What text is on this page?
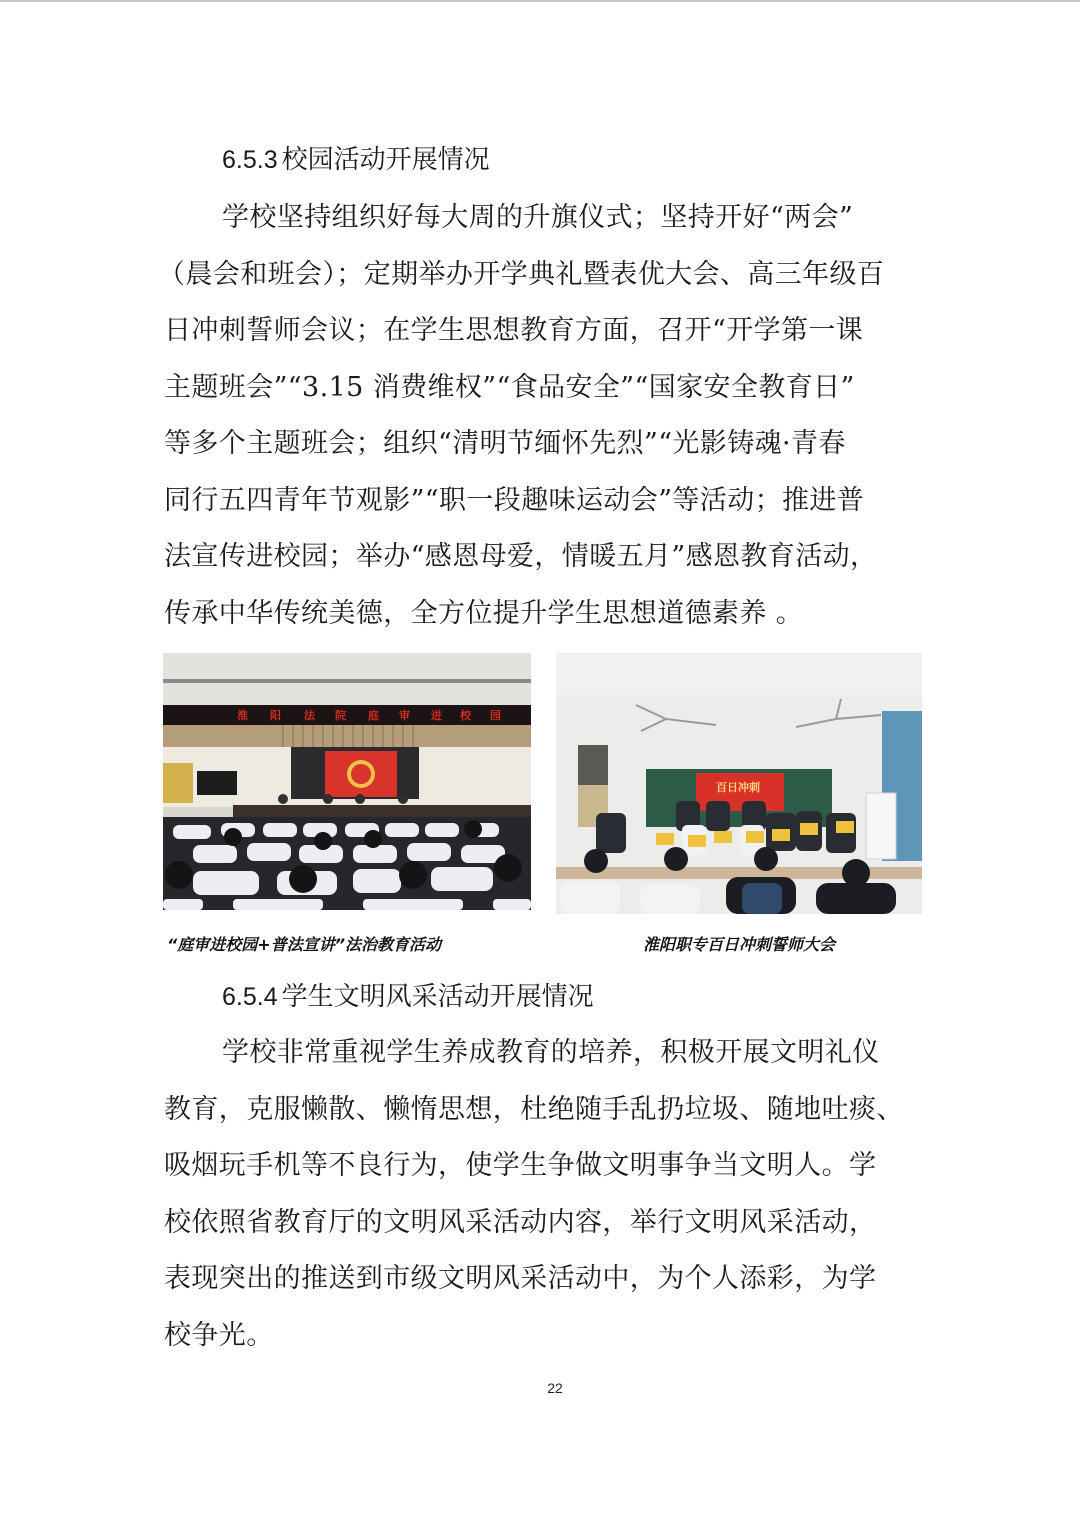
6.5.3 校园活动开展情况
学校坚持组织好每大周的升旗仪式；坚持开好“两会”
（晨会和班会）；定期举办开学典礼暨表优大会、高三年级百
日冲刺誓师会议；在学生思想教育方面，召开“开学第一课
主题班会”“3.15 消费维权”“食品安全”“国家安全教育日”
等多个主题班会；组织“清明节缅怀先烈”“光影铸魂·青春
同行五四青年节观影”“职一段趣味运动会”等活动；推进普
法宣传进校园；举办“感恩母爱，情暖五月”感恩教育活动，
传承中华传统美德，全方位提升学生思想道德素养 。
淮 阳 法 院 庭 审 进 校 园
百日冲刺
“庭审进校园+普法宣讲”法治教育活动	淮阳职专百日冲刺誓师大会
6.5.4 学生文明风采活动开展情况
学校非常重视学生养成教育的培养，积极开展文明礼仪
教育，克服懒散、懒惰思想，杜绝随手乱扔垃圾、随地吐痰、
吸烟玩手机等不良行为，使学生争做文明事争当文明人。学
校依照省教育厅的文明风采活动内容，举行文明风采活动，
表现突出的推送到市级文明风采活动中，为个人添彩，为学
校争光。
22
